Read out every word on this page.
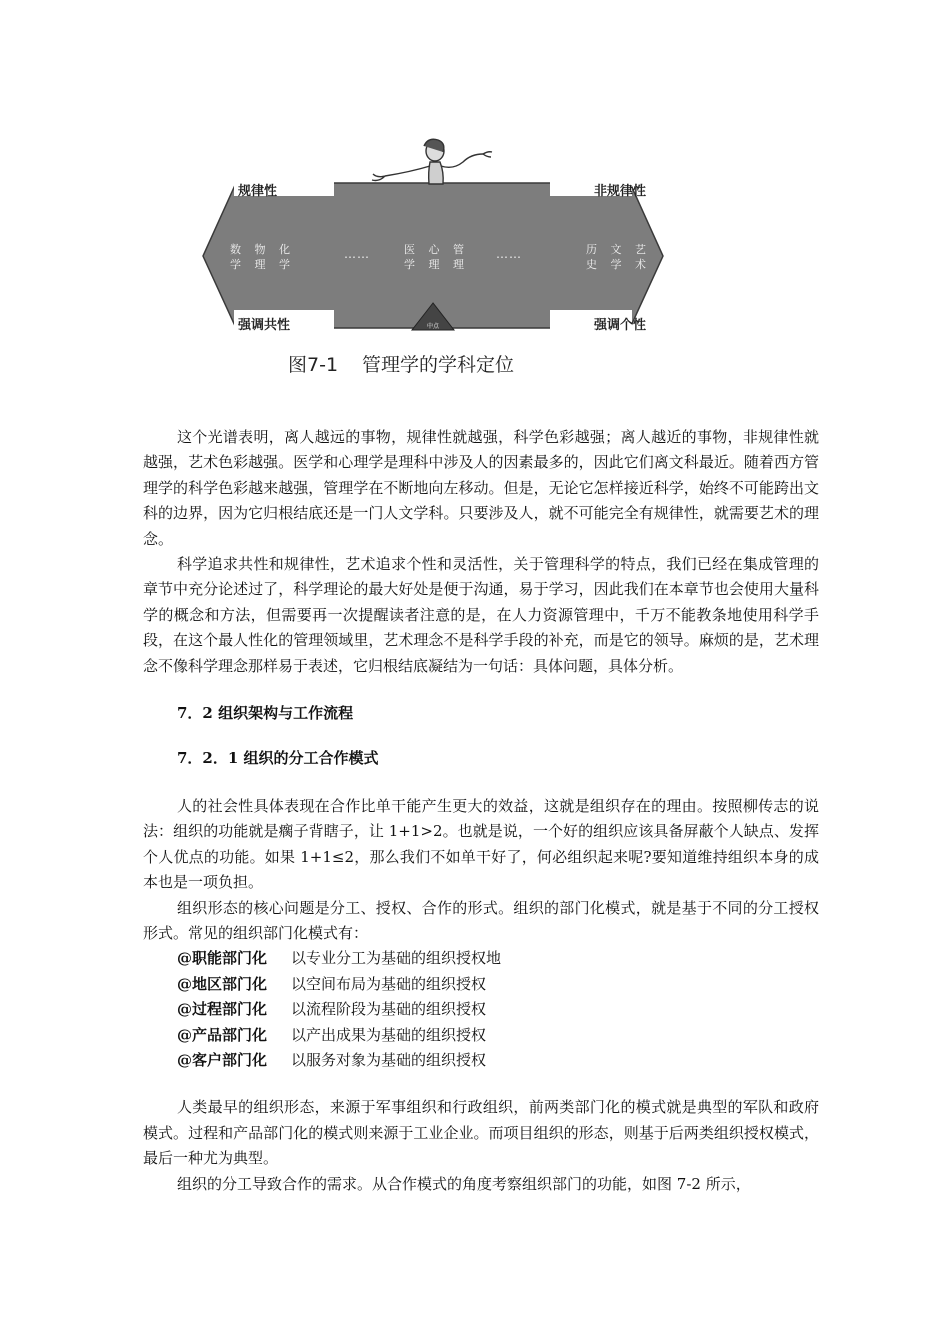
规律性	非规律性
强调共性	强调个性
中点
数 物 化
学 理 学
……	医 心 管
学 理 理
……	历 文 艺
史 学 术
图7-1 管理学的学科定位

这个光谱表明，离人越远的事物，规律性就越强，科学色彩越强；离人越近的事物，非规律性就越强，艺术色彩越强。医学和心理学是理科中涉及人的因素最多的，因此它们离文科最近。随着西方管理学的科学色彩越来越强，管理学在不断地向左移动。但是，无论它怎样接近科学，始终不可能跨出文科的边界，因为它归根结底还是一门人文学科。只要涉及人，就不可能完全有规律性，就需要艺术的理念。

科学追求共性和规律性，艺术追求个性和灵活性，关于管理科学的特点，我们已经在集成管理的章节中充分论述过了，科学理论的最大好处是便于沟通，易于学习，因此我们在本章节也会使用大量科学的概念和方法，但需要再一次提醒读者注意的是，在人力资源管理中，千万不能教条地使用科学手段，在这个最人性化的管理领域里，艺术理念不是科学手段的补充，而是它的领导。麻烦的是，艺术理念不像科学理念那样易于表述，它归根结底凝结为一句话：具体问题，具体分析。

7．2 组织架构与工作流程

7．2．1 组织的分工合作模式

人的社会性具体表现在合作比单干能产生更大的效益，这就是组织存在的理由。按照柳传志的说法：组织的功能就是瘸子背瞎子，让 1+1>2。也就是说，一个好的组织应该具备屏蔽个人缺点、发挥个人优点的功能。如果 1+1≤2，那么我们不如单干好了，何必组织起来呢?要知道维持组织本身的成本也是一项负担。

组织形态的核心问题是分工、授权、合作的形式。组织的部门化模式，就是基于不同的分工授权形式。常见的组织部门化模式有：

@职能部门化 以专业分工为基础的组织授权地
@地区部门化 以空间布局为基础的组织授权
@过程部门化 以流程阶段为基础的组织授权
@产品部门化 以产出成果为基础的组织授权
@客户部门化 以服务对象为基础的组织授权

人类最早的组织形态，来源于军事组织和行政组织，前两类部门化的模式就是典型的军队和政府模式。过程和产品部门化的模式则来源于工业企业。而项目组织的形态，则基于后两类组织授权模式，最后一种尤为典型。

组织的分工导致合作的需求。从合作模式的角度考察组织部门的功能，如图 7-2 所示，
